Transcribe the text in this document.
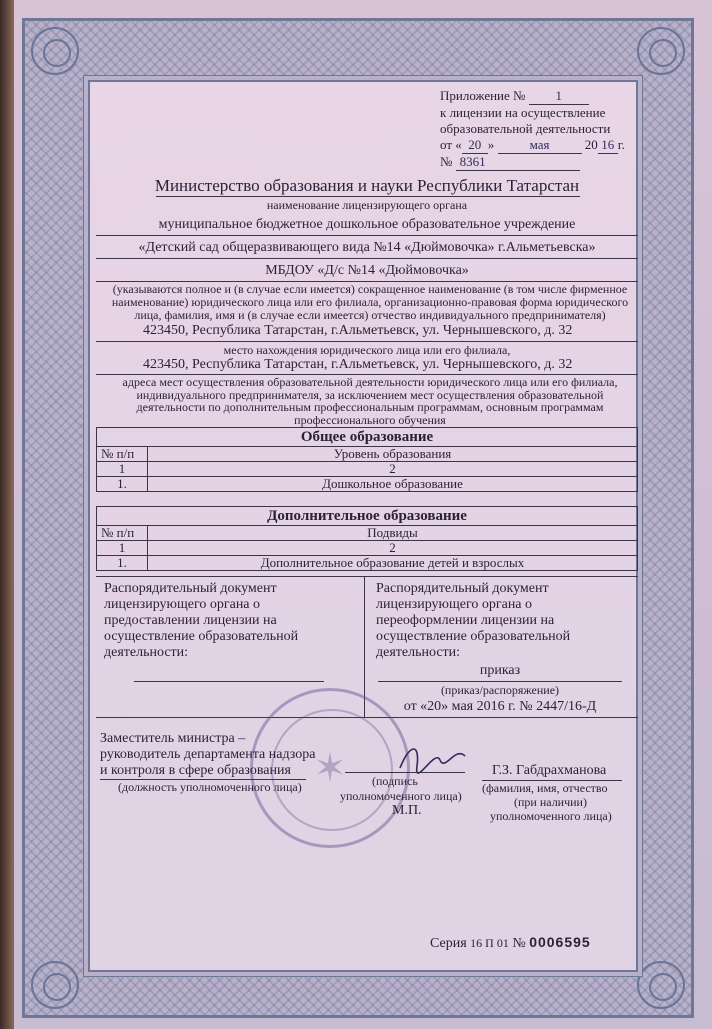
Приложение № 1
к лицензии на осуществление
образовательной деятельности
от « 20 »	мая	20 16 г.
№ 8361
Министерство образования и науки Республики Татарстан
наименование лицензирующего органа
муниципальное бюджетное дошкольное образовательное учреждение
«Детский сад общеразвивающего вида №14 «Дюймовочка» г.Альметьевска»
МБДОУ «Д/с №14 «Дюймовочка»
(указываются полное и (в случае если имеется) сокращенное наименование (в том числе фирменное наименование) юридического лица или его филиала, организационно-правовая форма юридического лица, фамилия, имя и (в случае если имеется) отчество индивидуального предпринимателя)
423450, Республика Татарстан, г.Альметьевск, ул. Чернышевского, д. 32
место нахождения юридического лица или его филиала,
423450, Республика Татарстан, г.Альметьевск, ул. Чернышевского, д. 32
адреса мест осуществления образовательной деятельности юридического лица или его филиала, индивидуального предпринимателя, за исключением мест осуществления образовательной деятельности по дополнительным профессиональным программам, основным программам профессионального обучения
Общее образование	
№ п/п	Уровень образования
1	2
1.	Дошкольное образование
Дополнительное образование	
№ п/п	Подвиды
1	2
1.	Дополнительное образование детей и взрослых
Распорядительный документ лицензирующего органа о предоставлении лицензии на осуществление образовательной деятельности:
Распорядительный документ лицензирующего органа о переоформлении лицензии на осуществление образовательной деятельности:
приказ
(приказ/распоряжение)
от «20» мая 2016 г. № 2447/16-Д
✶
Заместитель министра –
руководитель департамента надзора
и контроля в сфере образования
(должность уполномоченного лица)	(подпись
уполномоченного лица)
М.П.
Г.З. Габдрахманова
(фамилия, имя, отчество
(при наличии)
уполномоченного лица)
Серия 16 П 01 № 0006595
